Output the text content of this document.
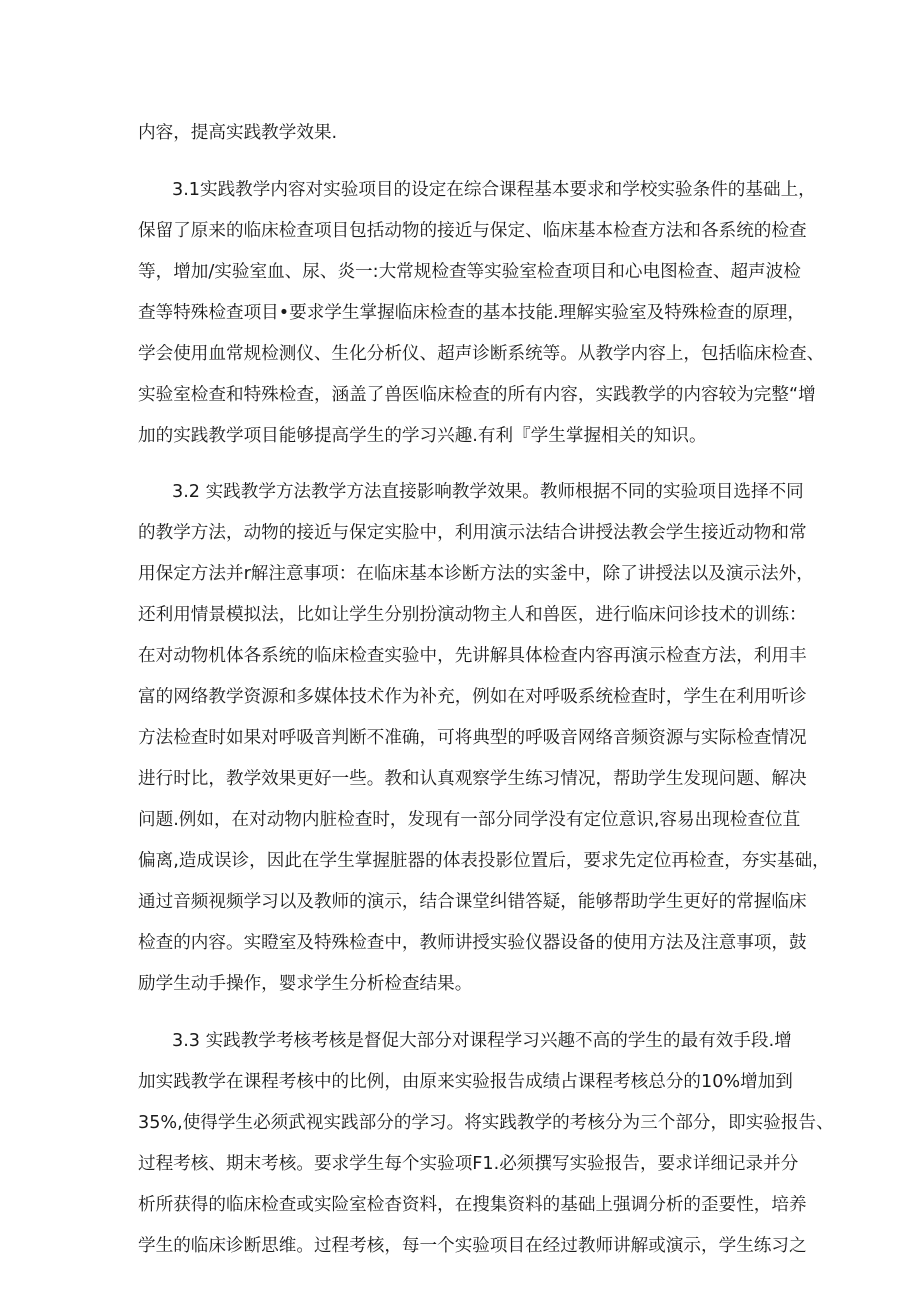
内容，提高实践教学效果.
3.1实践教学内容对实验项目的设定在综合课程基本要求和学校实验条件的基础上，
保留了原来的临床检查项目包括动物的接近与保定、临床基本检查方法和各系统的检查
等，增加/实验室血、尿、炎一:大常规检查等实验室检查项目和心电图检查、超声波检
查等特殊检查项目•要求学生掌握临床检查的基本技能.理解实验室及特殊检查的原理，
学会使用血常规检测仪、生化分析仪、超声诊断系统等。从教学内容上，包括临床检查、
实验室检查和特殊检查，涵盖了兽医临床检查的所有内容，实践教学的内容较为完整“增
加的实践教学项目能够提高学生的学习兴趣.有利『学生掌握相关的知识。
3.2 实践教学方法教学方法直接影响教学效果。教师根据不同的实验项目选择不同
的教学方法，动物的接近与保定实脸中，利用演示法结合讲授法教会学生接近动物和常
用保定方法并r解注意事项：在临床基本诊断方法的实釜中，除了讲授法以及演示法外，
还利用情景模拟法，比如让学生分别扮演动物主人和兽医，进行临床问诊技术的训练：
在对动物机体各系统的临床检查实验中，先讲解具体检查内容再演示检查方法，利用丰
富的网络教学资源和多媒体技术作为补充，例如在对呼吸系统检查时，学生在利用听诊
方法检查时如果对呼吸音判断不准确，可将典型的呼吸音网络音频资源与实际检查情况
进行时比，教学效果更好一些。教和认真观察学生练习情况，帮助学生发现问题、解决
问题.例如，在对动物内脏检查时，发现有一部分同学没有定位意识,容易出现检查位苴
偏离,造成误诊，因此在学生掌握脏器的体表投影位置后，要求先定位再检查，夯实基础，
通过音频视频学习以及教师的演示，结合课堂纠错答疑，能够帮助学生更好的常握临床
检查的内容。实瞪室及特殊检查中，教师讲授实验仪器设备的使用方法及注意事项，鼓
励学生动手操作，婴求学生分析检查结果。
3.3 实践教学考核考核是督促大部分对课程学习兴趣不高的学生的最有效手段.增
加实践教学在课程考核中的比例，由原来实验报告成绩占课程考核总分的10%增加到
35%,使得学生必须武视实践部分的学习。将实践教学的考核分为三个部分，即实验报告、
过程考核、期末考核。要求学生每个实验项F1.必须撰写实验报告，要求详细记录并分
析所获得的临床检查或实险室检杳资料，在搜集资料的基础上强调分析的歪要性，培养
学生的临床诊断思维。过程考核，每一个实验项目在经过教师讲解或演示，学生练习之
